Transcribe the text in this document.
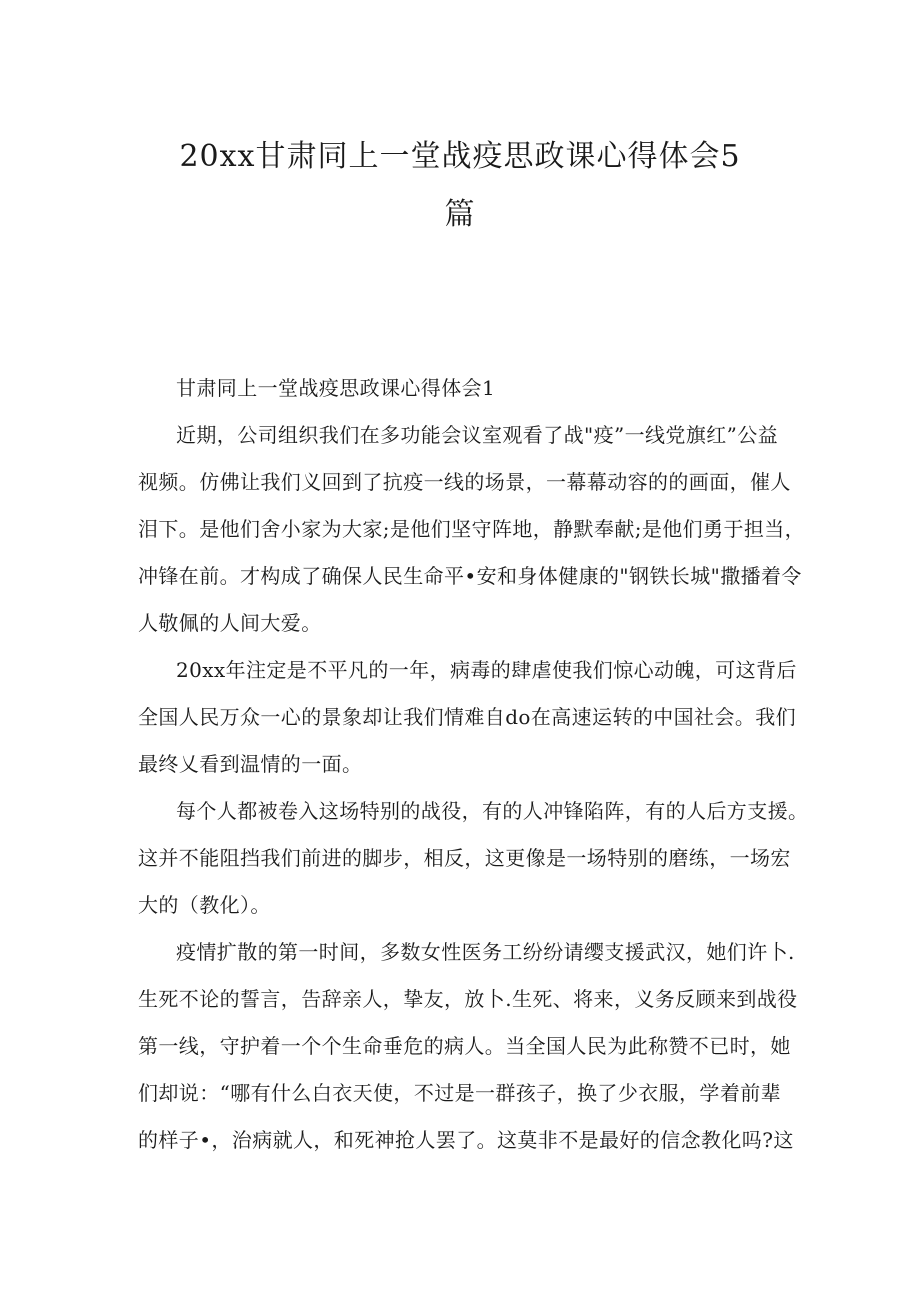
20xx甘肃同上一堂战疫思政课心得体会5
篇

甘肃同上一堂战疫思政课心得体会1

近期，公司组织我们在多功能会议室观看了战"疫”一线党旗红”公益
视频。仿佛让我们义回到了抗疫一线的场景，一幕幕动容的的画面，催人
泪下。是他们舍小家为大家;是他们坚守阵地，静默奉献;是他们勇于担当，
冲锋在前。才构成了确保人民生命平•安和身体健康的"钢铁长城"撒播着令
人敬佩的人间大爱。

20xx年注定是不平凡的一年，病毒的肆虐使我们惊心动魄，可这背后
全国人民万众一心的景象却让我们情难自do在高速运转的中国社会。我们
最终乂看到温情的一面。

每个人都被卷入这场特别的战役，有的人冲锋陷阵，有的人后方支援。
这并不能阻挡我们前进的脚步，相反，这更像是一场特别的磨练，一场宏
大的（教化）。

疫情扩散的第一时间，多数女性医务工纷纷请缨支援武汉，她们许卜.
生死不论的誓言，告辞亲人，挚友，放卜.生死、将来，义务反顾来到战役
第一线，守护着一个个生命垂危的病人。当全国人民为此称赞不已时，她
们却说：“哪有什么白衣天使，不过是一群孩子，换了少衣服，学着前辈
的样子•，治病就人，和死神抢人罢了。这莫非不是最好的信念教化吗?这
